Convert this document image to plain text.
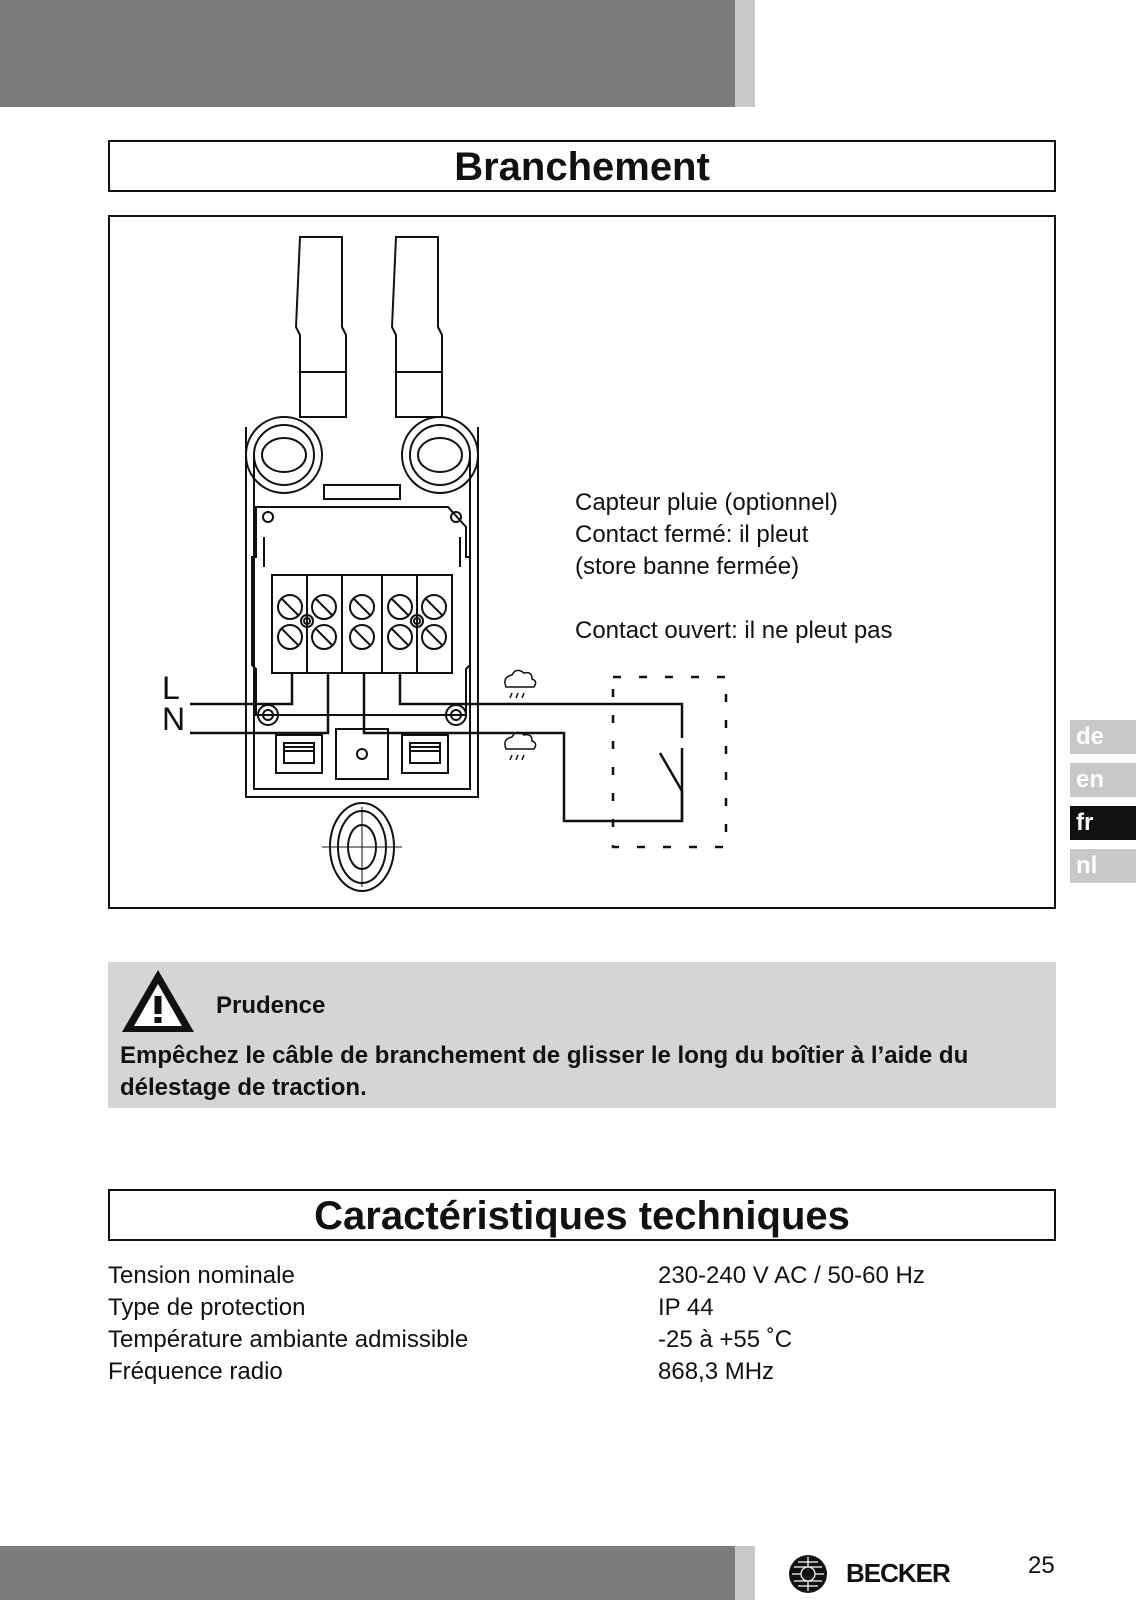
Branchement
L
N
Capteur pluie (optionnel)
Contact fermé: il pleut
(store banne fermée)
Contact ouvert: il ne pleut pas
Prudence
Empêchez le câble de branchement de glisser le long du boîtier à l’aide du délestage de traction.
Caractéristiques techniques
Tension nominale	230-240 V AC / 50-60 Hz
Type de protection	IP 44
Température ambiante admissible	-25 à +55 ˚C
Fréquence radio	868,3 MHz
de
en
fr
nl
BECKER	25
